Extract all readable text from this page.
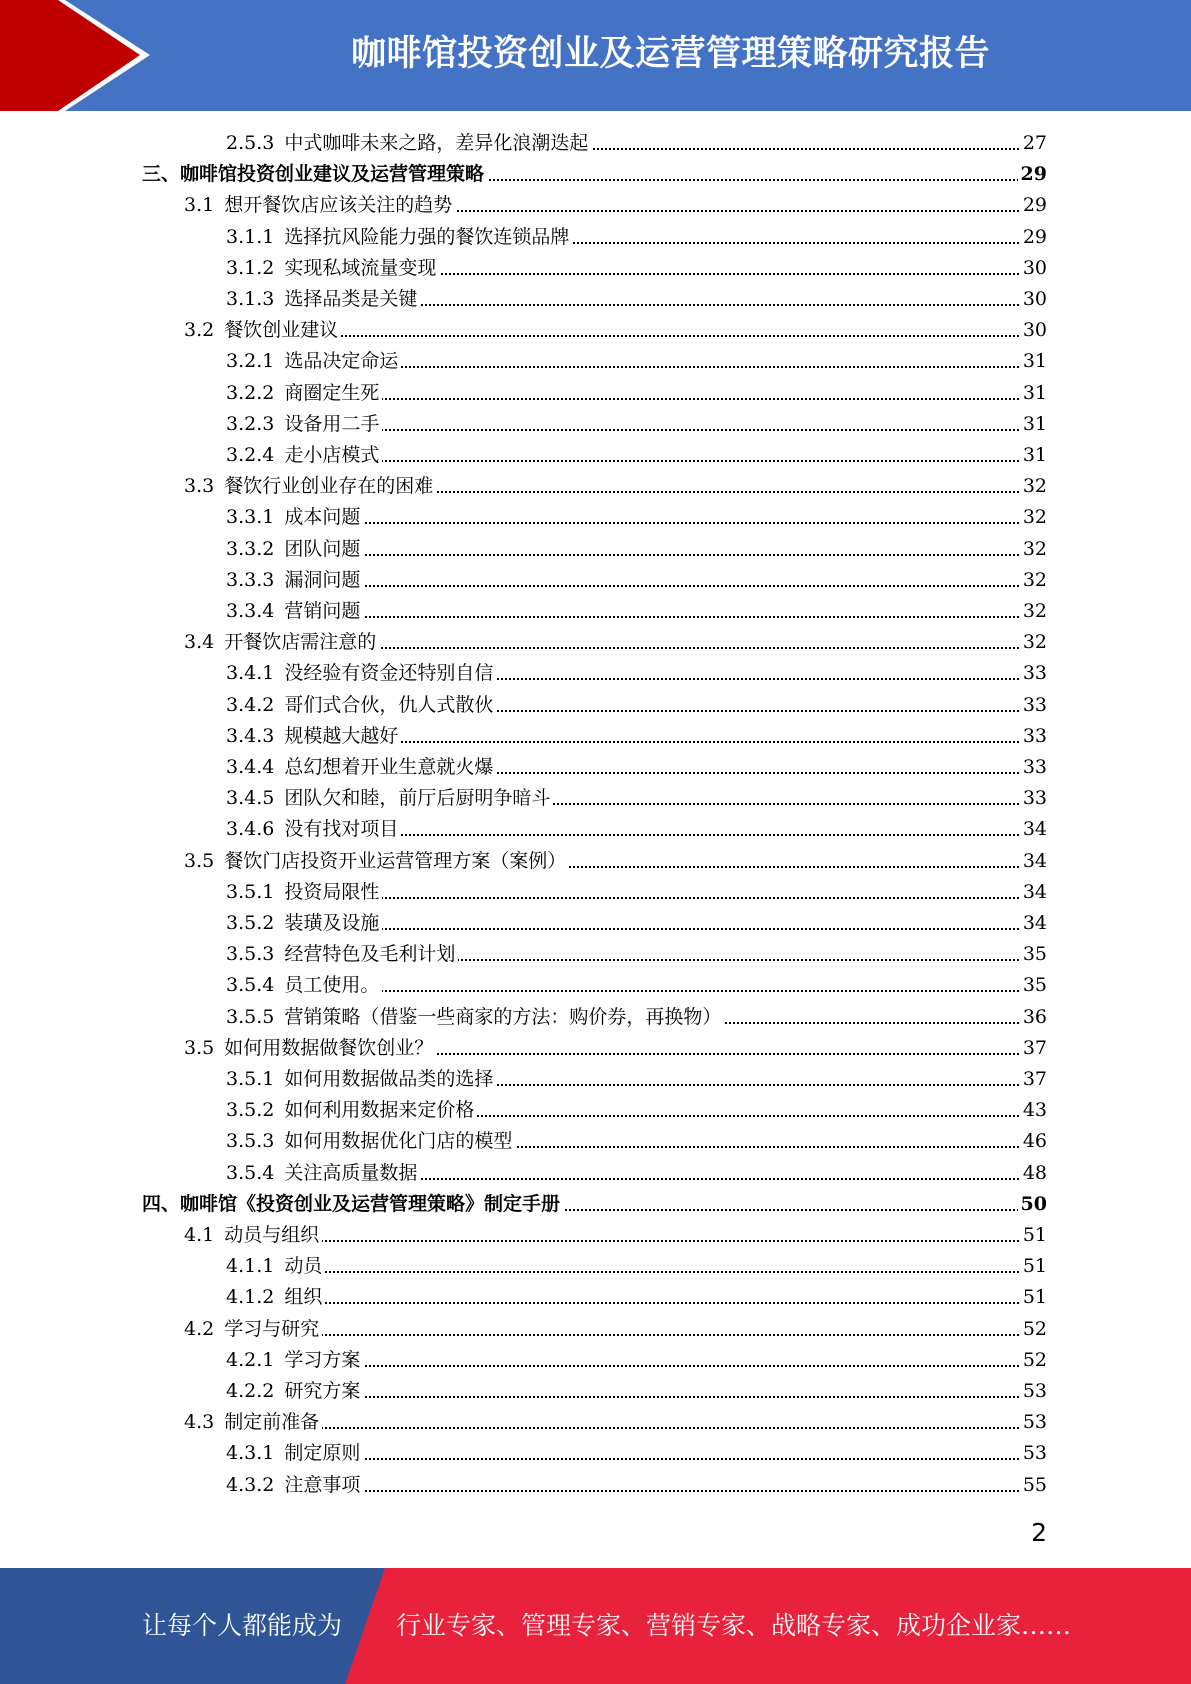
咖啡馆投资创业及运营管理策略研究报告
2.5.3 中式咖啡未来之路，差异化浪潮迭起	27
三、咖啡馆投资创业建议及运营管理策略	29
3.1 想开餐饮店应该关注的趋势	29
3.1.1 选择抗风险能力强的餐饮连锁品牌	29
3.1.2 实现私域流量变现	30
3.1.3 选择品类是关键	30
3.2 餐饮创业建议	30
3.2.1 选品决定命运	31
3.2.2 商圈定生死	31
3.2.3 设备用二手	31
3.2.4 走小店模式	31
3.3 餐饮行业创业存在的困难	32
3.3.1 成本问题	32
3.3.2 团队问题	32
3.3.3 漏洞问题	32
3.3.4 营销问题	32
3.4 开餐饮店需注意的	32
3.4.1 没经验有资金还特别自信	33
3.4.2 哥们式合伙，仇人式散伙	33
3.4.3 规模越大越好	33
3.4.4 总幻想着开业生意就火爆	33
3.4.5 团队欠和睦，前厅后厨明争暗斗	33
3.4.6 没有找对项目	34
3.5 餐饮门店投资开业运营管理方案（案例）	34
3.5.1 投资局限性	34
3.5.2 装璜及设施	34
3.5.3 经营特色及毛利计划	35
3.5.4 员工使用。	35
3.5.5 营销策略（借鉴一些商家的方法：购价券，再换物）	36
3.5 如何用数据做餐饮创业？	37
3.5.1 如何用数据做品类的选择	37
3.5.2 如何利用数据来定价格	43
3.5.3 如何用数据优化门店的模型	46
3.5.4 关注高质量数据	48
四、咖啡馆《投资创业及运营管理策略》制定手册	50
4.1 动员与组织	51
4.1.1 动员	51
4.1.2 组织	51
4.2 学习与研究	52
4.2.1 学习方案	52
4.2.2 研究方案	53
4.3 制定前准备	53
4.3.1 制定原则	53
4.3.2 注意事项	55
2
让每个人都能成为 行业专家、管理专家、营销专家、战略专家、成功企业家……
